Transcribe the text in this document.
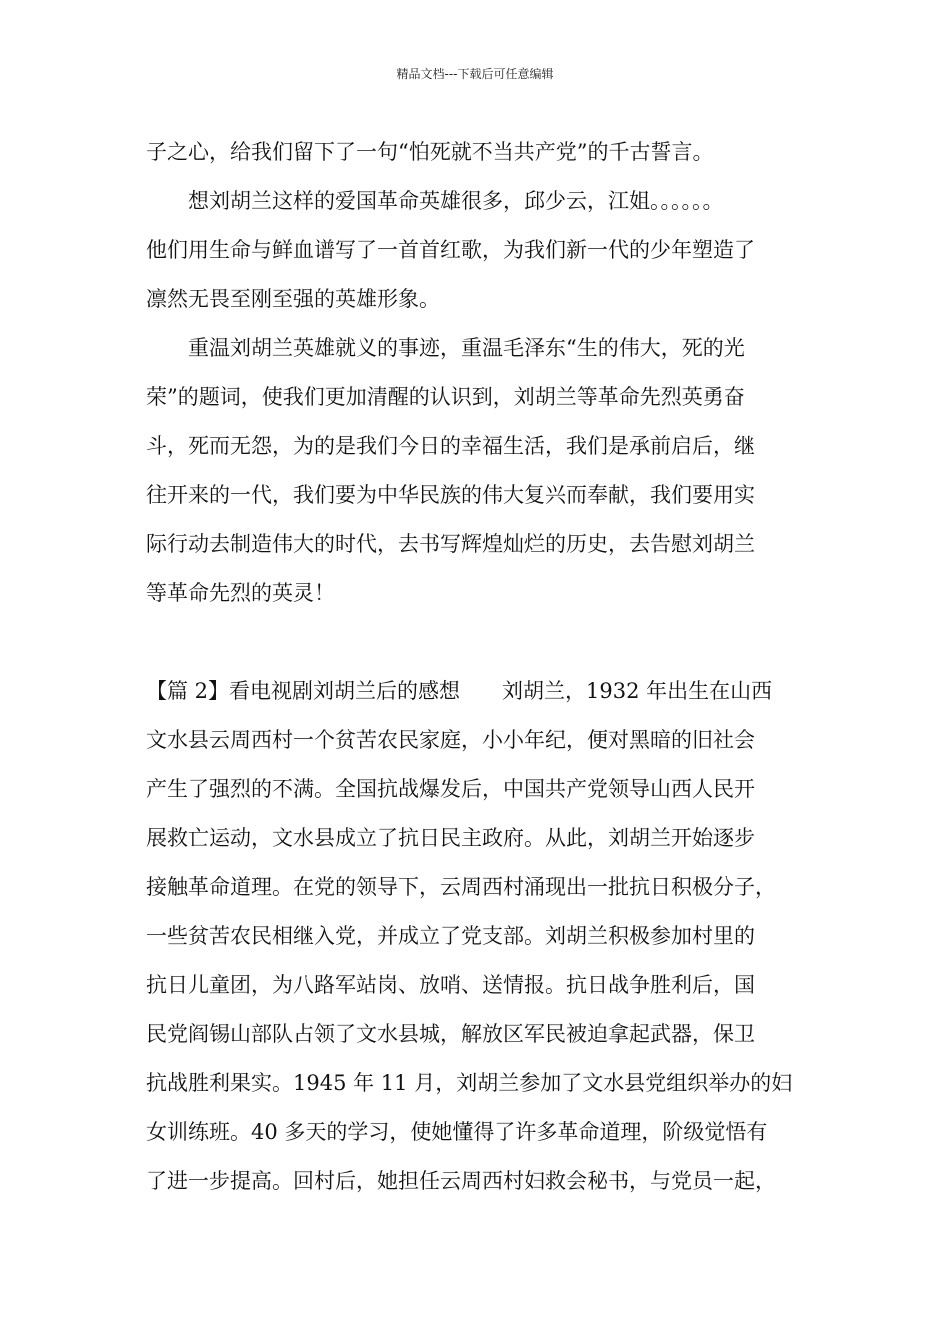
精品文档---下载后可任意编辑
子之心，给我们留下了一句“怕死就不当共产党”的千古誓言。
　　想刘胡兰这样的爱国革命英雄很多，邱少云，江姐。。。。。。
他们用生命与鲜血谱写了一首首红歌，为我们新一代的少年塑造了
凛然无畏至刚至强的英雄形象。
　　重温刘胡兰英雄就义的事迹，重温毛泽东“生的伟大，死的光
荣”的题词，使我们更加清醒的认识到，刘胡兰等革命先烈英勇奋
斗，死而无怨，为的是我们今日的幸福生活，我们是承前启后，继
往开来的一代，我们要为中华民族的伟大复兴而奉献，我们要用实
际行动去制造伟大的时代，去书写辉煌灿烂的历史，去告慰刘胡兰
等革命先烈的英灵！
【篇 2】看电视剧刘胡兰后的感想　　刘胡兰，1932 年出生在山西
文水县云周西村一个贫苦农民家庭，小小年纪，便对黑暗的旧社会
产生了强烈的不满。全国抗战爆发后，中国共产党领导山西人民开
展救亡运动，文水县成立了抗日民主政府。从此，刘胡兰开始逐步
接触革命道理。在党的领导下，云周西村涌现出一批抗日积极分子，
一些贫苦农民相继入党，并成立了党支部。刘胡兰积极参加村里的
抗日儿童团，为八路军站岗、放哨、送情报。抗日战争胜利后，国
民党阎锡山部队占领了文水县城，解放区军民被迫拿起武器，保卫
抗战胜利果实。1945 年 11 月，刘胡兰参加了文水县党组织举办的妇
女训练班。40 多天的学习，使她懂得了许多革命道理，阶级觉悟有
了进一步提高。回村后，她担任云周西村妇救会秘书，与党员一起，
